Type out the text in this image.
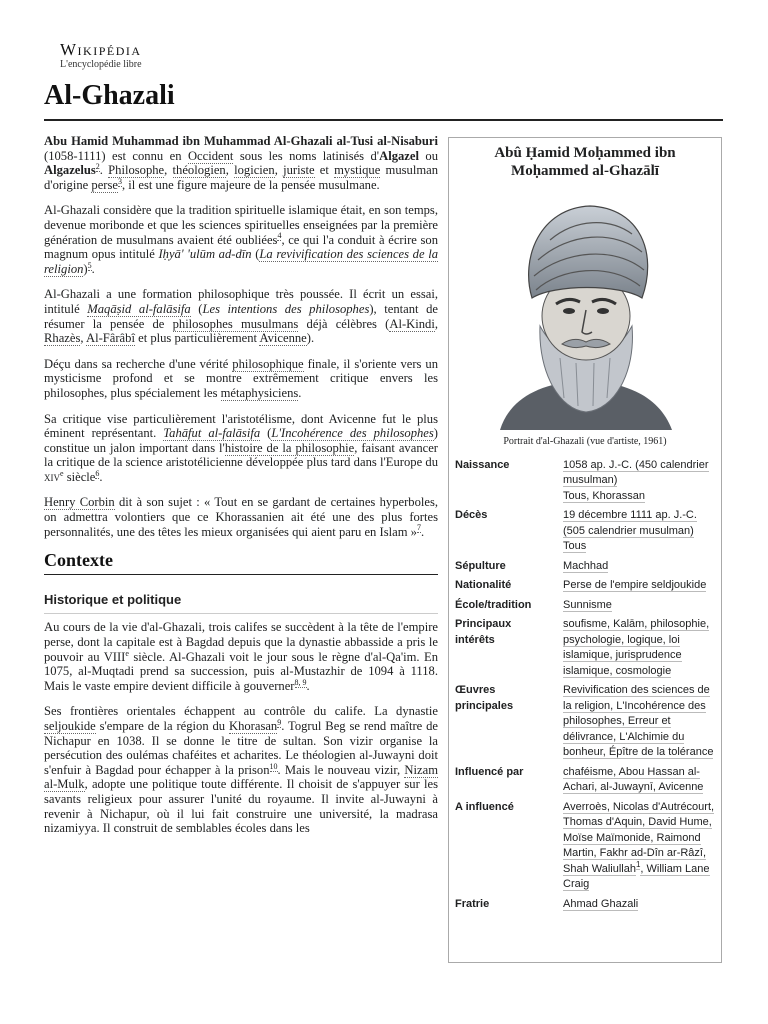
Wikipédia
L'encyclopédie libre
Al-Ghazali

Abu Hamid Muhammad ibn Muhammad Al-Ghazali al-Tusi al-Nisaburi (1058-1111) est connu en Occident sous les noms latinisés d'Algazel ou Algazelus$^2$. Philosophe, théologien, logicien, juriste et mystique musulman d'origine perse$^3$, il est une figure majeure de la pensée musulmane.

Al-Ghazali considère que la tradition spirituelle islamique était, en son temps, devenue moribonde et que les sciences spirituelles enseignées par la première génération de musulmans avaient été oubliées$^4$, ce qui l'a conduit à écrire son magnum opus intitulé Iḥyā' 'ulūm ad-dīn (La revivification des sciences de la religion)$^5$.

Al-Ghazali a une formation philosophique très poussée. Il écrit un essai, intitulé Maqāṣid al-falāsifa (Les intentions des philosophes), tentant de résumer la pensée de philosophes musulmans déjà célèbres (Al-Kindi, Rhazès, Al-Fârâbî et plus particulièrement Avicenne).

Déçu dans sa recherche d'une vérité philosophique finale, il s'oriente vers un mysticisme profond et se montre extrêmement critique envers les philosophes, plus spécialement les métaphysiciens.

Sa critique vise particulièrement l'aristotélisme, dont Avicenne fut le plus éminent représentant. Tahāfut al-falāsifa (L'Incohérence des philosophes) constitue un jalon important dans l'histoire de la philosophie, faisant avancer la critique de la science aristotélicienne développée plus tard dans l'Europe du xiv$^e$ siècle$^6$.

Henry Corbin dit à son sujet : « Tout en se gardant de certaines hyperboles, on admettra volontiers que ce Khorassanien ait été une des plus fortes personnalités, une des têtes les mieux organisées qui aient paru en Islam »$^7$.

Contexte
Historique et politique

Au cours de la vie d'al-Ghazali, trois califes se succèdent à la tête de l'empire perse, dont la capitale est à Bagdad depuis que la dynastie abbasside a pris le pouvoir au VIIIe siècle. Al-Ghazali voit le jour sous le règne d'al-Qa'im. En 1075, al-Muqtadi prend sa succession, puis al-Mustazhir de 1094 à 1118. Mais le vaste empire devient difficile à gouverner$^{8, 9}$.

Ses frontières orientales échappent au contrôle du calife. La dynastie seljoukide s'empare de la région du Khorasan$^9$. Togrul Beg se rend maître de Nichapur en 1038. Il se donne le titre de sultan. Son vizir organise la persécution des oulémas chaféites et acharites. Le théologien al-Juwayni doit s'enfuir à Bagdad pour échapper à la prison$^{10}$. Mais le nouveau vizir, Nizam al-Mulk, adopte une politique toute différente. Il choisit de s'appuyer sur les savants religieux pour assurer l'unité du royaume. Il invite al-Juwayni à revenir à Nichapur, où il lui fait construire une université, la madrasa nizamiyya. Il construit de semblables écoles dans les

Abû Ḥamid Moḥammed ibn Moḥammed al-Ghazālī
Portrait d'al-Ghazali (vue d'artiste, 1961)
Naissance	1058 ap. J.-C. (450 calendrier musulman)
Tous, Khorassan
Décès	19 décembre 1111 ap. J.-C. (505 calendrier musulman)
Tous
Sépulture	Machhad
Nationalité	Perse de l'empire seldjoukide
École/tradition	Sunnisme
Principaux intérêts	soufisme, Kalām, philosophie, psychologie, logique, loi islamique, jurisprudence islamique, cosmologie
Œuvres principales	Revivification des sciences de la religion, L'Incohérence des philosophes, Erreur et délivrance, L'Alchimie du bonheur, Épître de la tolérance
Influencé par	chaféisme, Abou Hassan al-Achari, al-Juwaynī, Avicenne
A influencé	Averroès, Nicolas d'Autrécourt, Thomas d'Aquin, David Hume, Moïse Maïmonide, Raimond Martin, Fakhr ad-Dîn ar-Râzî, Shah Waliullah$^1$, William Lane Craig
Fratrie	Ahmad Ghazali
